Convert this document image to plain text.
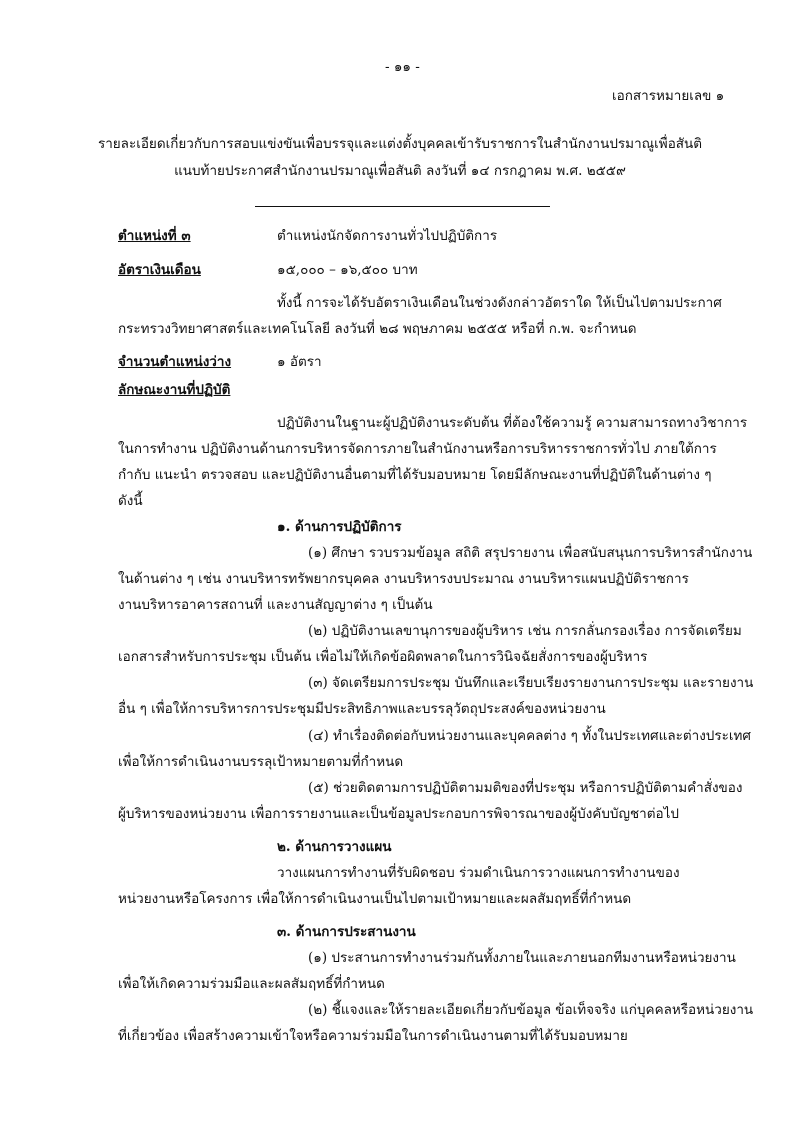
- ๑๑ -
เอกสารหมายเลข ๑
รายละเอียดเกี่ยวกับการสอบแข่งขันเพื่อบรรจุและแต่งตั้งบุคคลเข้ารับราชการในสำนักงานปรมาณูเพื่อสันติ
แนบท้ายประกาศสำนักงานปรมาณูเพื่อสันติ ลงวันที่ ๑๔ กรกฎาคม พ.ศ. ๒๕๕๙
ตำแหน่งที่ ๓	ตำแหน่งนักจัดการงานทั่วไปปฏิบัติการ
อัตราเงินเดือน	๑๕,๐๐๐ – ๑๖,๕๐๐ บาท
ทั้งนี้ การจะได้รับอัตราเงินเดือนในช่วงดังกล่าวอัตราใด ให้เป็นไปตามประกาศ
กระทรวงวิทยาศาสตร์และเทคโนโลยี ลงวันที่ ๒๘ พฤษภาคม ๒๕๕๕ หรือที่ ก.พ. จะกำหนด
จำนวนตำแหน่งว่าง	๑ อัตรา
ลักษณะงานที่ปฏิบัติ
ปฏิบัติงานในฐานะผู้ปฏิบัติงานระดับต้น ที่ต้องใช้ความรู้ ความสามารถทางวิชาการ
ในการทำงาน ปฏิบัติงานด้านการบริหารจัดการภายในสำนักงานหรือการบริหารราชการทั่วไป ภายใต้การ
กำกับ แนะนำ ตรวจสอบ และปฏิบัติงานอื่นตามที่ได้รับมอบหมาย โดยมีลักษณะงานที่ปฏิบัติในด้านต่าง ๆ
ดังนี้
๑. ด้านการปฏิบัติการ
(๑) ศึกษา รวบรวมข้อมูล สถิติ สรุปรายงาน เพื่อสนับสนุนการบริหารสำนักงาน
ในด้านต่าง ๆ เช่น งานบริหารทรัพยากรบุคคล งานบริหารงบประมาณ งานบริหารแผนปฏิบัติราชการ
งานบริหารอาคารสถานที่ และงานสัญญาต่าง ๆ เป็นต้น
(๒) ปฏิบัติงานเลขานุการของผู้บริหาร เช่น การกลั่นกรองเรื่อง การจัดเตรียม
เอกสารสำหรับการประชุม เป็นต้น เพื่อไม่ให้เกิดข้อผิดพลาดในการวินิจฉัยสั่งการของผู้บริหาร
(๓) จัดเตรียมการประชุม บันทึกและเรียบเรียงรายงานการประชุม และรายงาน
อื่น ๆ เพื่อให้การบริหารการประชุมมีประสิทธิภาพและบรรลุวัตถุประสงค์ของหน่วยงาน
(๔) ทำเรื่องติดต่อกับหน่วยงานและบุคคลต่าง ๆ ทั้งในประเทศและต่างประเทศ
เพื่อให้การดำเนินงานบรรลุเป้าหมายตามที่กำหนด
(๕) ช่วยติดตามการปฏิบัติตามมติของที่ประชุม หรือการปฏิบัติตามคำสั่งของ
ผู้บริหารของหน่วยงาน เพื่อการรายงานและเป็นข้อมูลประกอบการพิจารณาของผู้บังคับบัญชาต่อไป
๒. ด้านการวางแผน
วางแผนการทำงานที่รับผิดชอบ ร่วมดำเนินการวางแผนการทำงานของ
หน่วยงานหรือโครงการ เพื่อให้การดำเนินงานเป็นไปตามเป้าหมายและผลสัมฤทธิ์ที่กำหนด
๓. ด้านการประสานงาน
(๑) ประสานการทำงานร่วมกันทั้งภายในและภายนอกทีมงานหรือหน่วยงาน
เพื่อให้เกิดความร่วมมือและผลสัมฤทธิ์ที่กำหนด
(๒) ชี้แจงและให้รายละเอียดเกี่ยวกับข้อมูล ข้อเท็จจริง แก่บุคคลหรือหน่วยงาน
ที่เกี่ยวข้อง เพื่อสร้างความเข้าใจหรือความร่วมมือในการดำเนินงานตามที่ได้รับมอบหมาย
